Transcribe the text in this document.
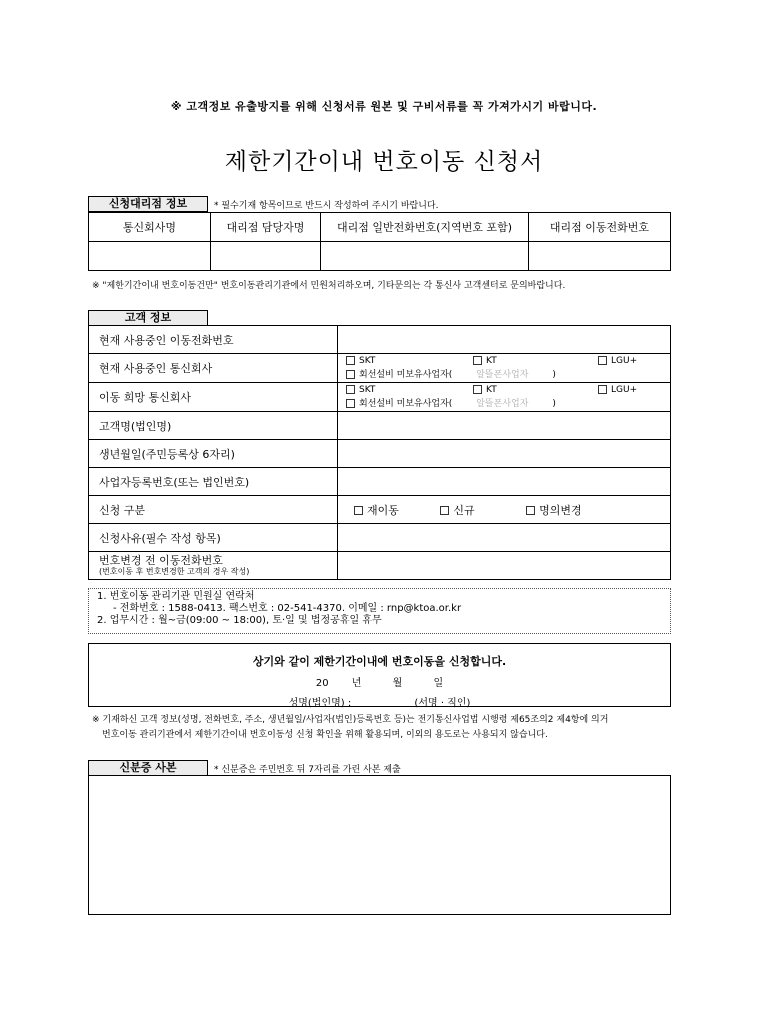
※ 고객정보 유출방지를 위해 신청서류 원본 및 구비서류를 꼭 가져가시기 바랍니다.
제한기간이내 번호이동 신청서
신청대리점 정보	* 필수기재 항목이므로 반드시 작성하여 주시기 바랍니다.
통신회사명	대리점 담당자명	대리점 일반전화번호(지역번호 포함)	대리점 이동전화번호

※ "제한기간이내 번호이동건만" 번호이동관리기관에서 민원처리하오며, 기타문의는 각 통신사 고객센터로 문의바랍니다.
고객 정보
현재 사용중인 이동전화번호	
현재 사용중인 통신회사	SKT KT LGU+
회선설비 미보유사업자( 알뜰폰사업자 )

이동 희망 통신회사	SKT KT LGU+
회선설비 미보유사업자( 알뜰폰사업자 )

고객명(법인명)	
생년월일(주민등록상 6자리)	
사업자등록번호(또는 법인번호)	
신청 구분	재이동 신규 명의변경
신청사유(필수 작성 항목)	

번호변경 전 이동전화번호
(번호이동 후 번호변경한 고객의 경우 작성)	

1. 번호이동 관리기관 민원실 연락처
- 전화번호 : 1588-0413. 팩스번호 : 02-541-4370. 이메일 : rnp@ktoa.or.kr
2. 업무시간 : 월~금(09:00 ~ 18:00), 토·일 및 법정공휴일 휴무
상기와 같이 제한기간이내에 번호이동을 신청합니다.
20 년	월	일
성명(법인명) :	(서명 · 직인)
※ 기재하신 고객 정보(성명, 전화번호, 주소, 생년월일/사업자(법인)등록번호 등)는 전기통신사업법 시행령 제65조의2 제4항에 의거
번호이동 관리기관에서 제한기간이내 번호이동성 신청 확인을 위해 활용되며, 이외의 용도로는 사용되지 않습니다.
신분증 사본	* 신분증은 주민번호 뒤 7자리를 가린 사본 제출
